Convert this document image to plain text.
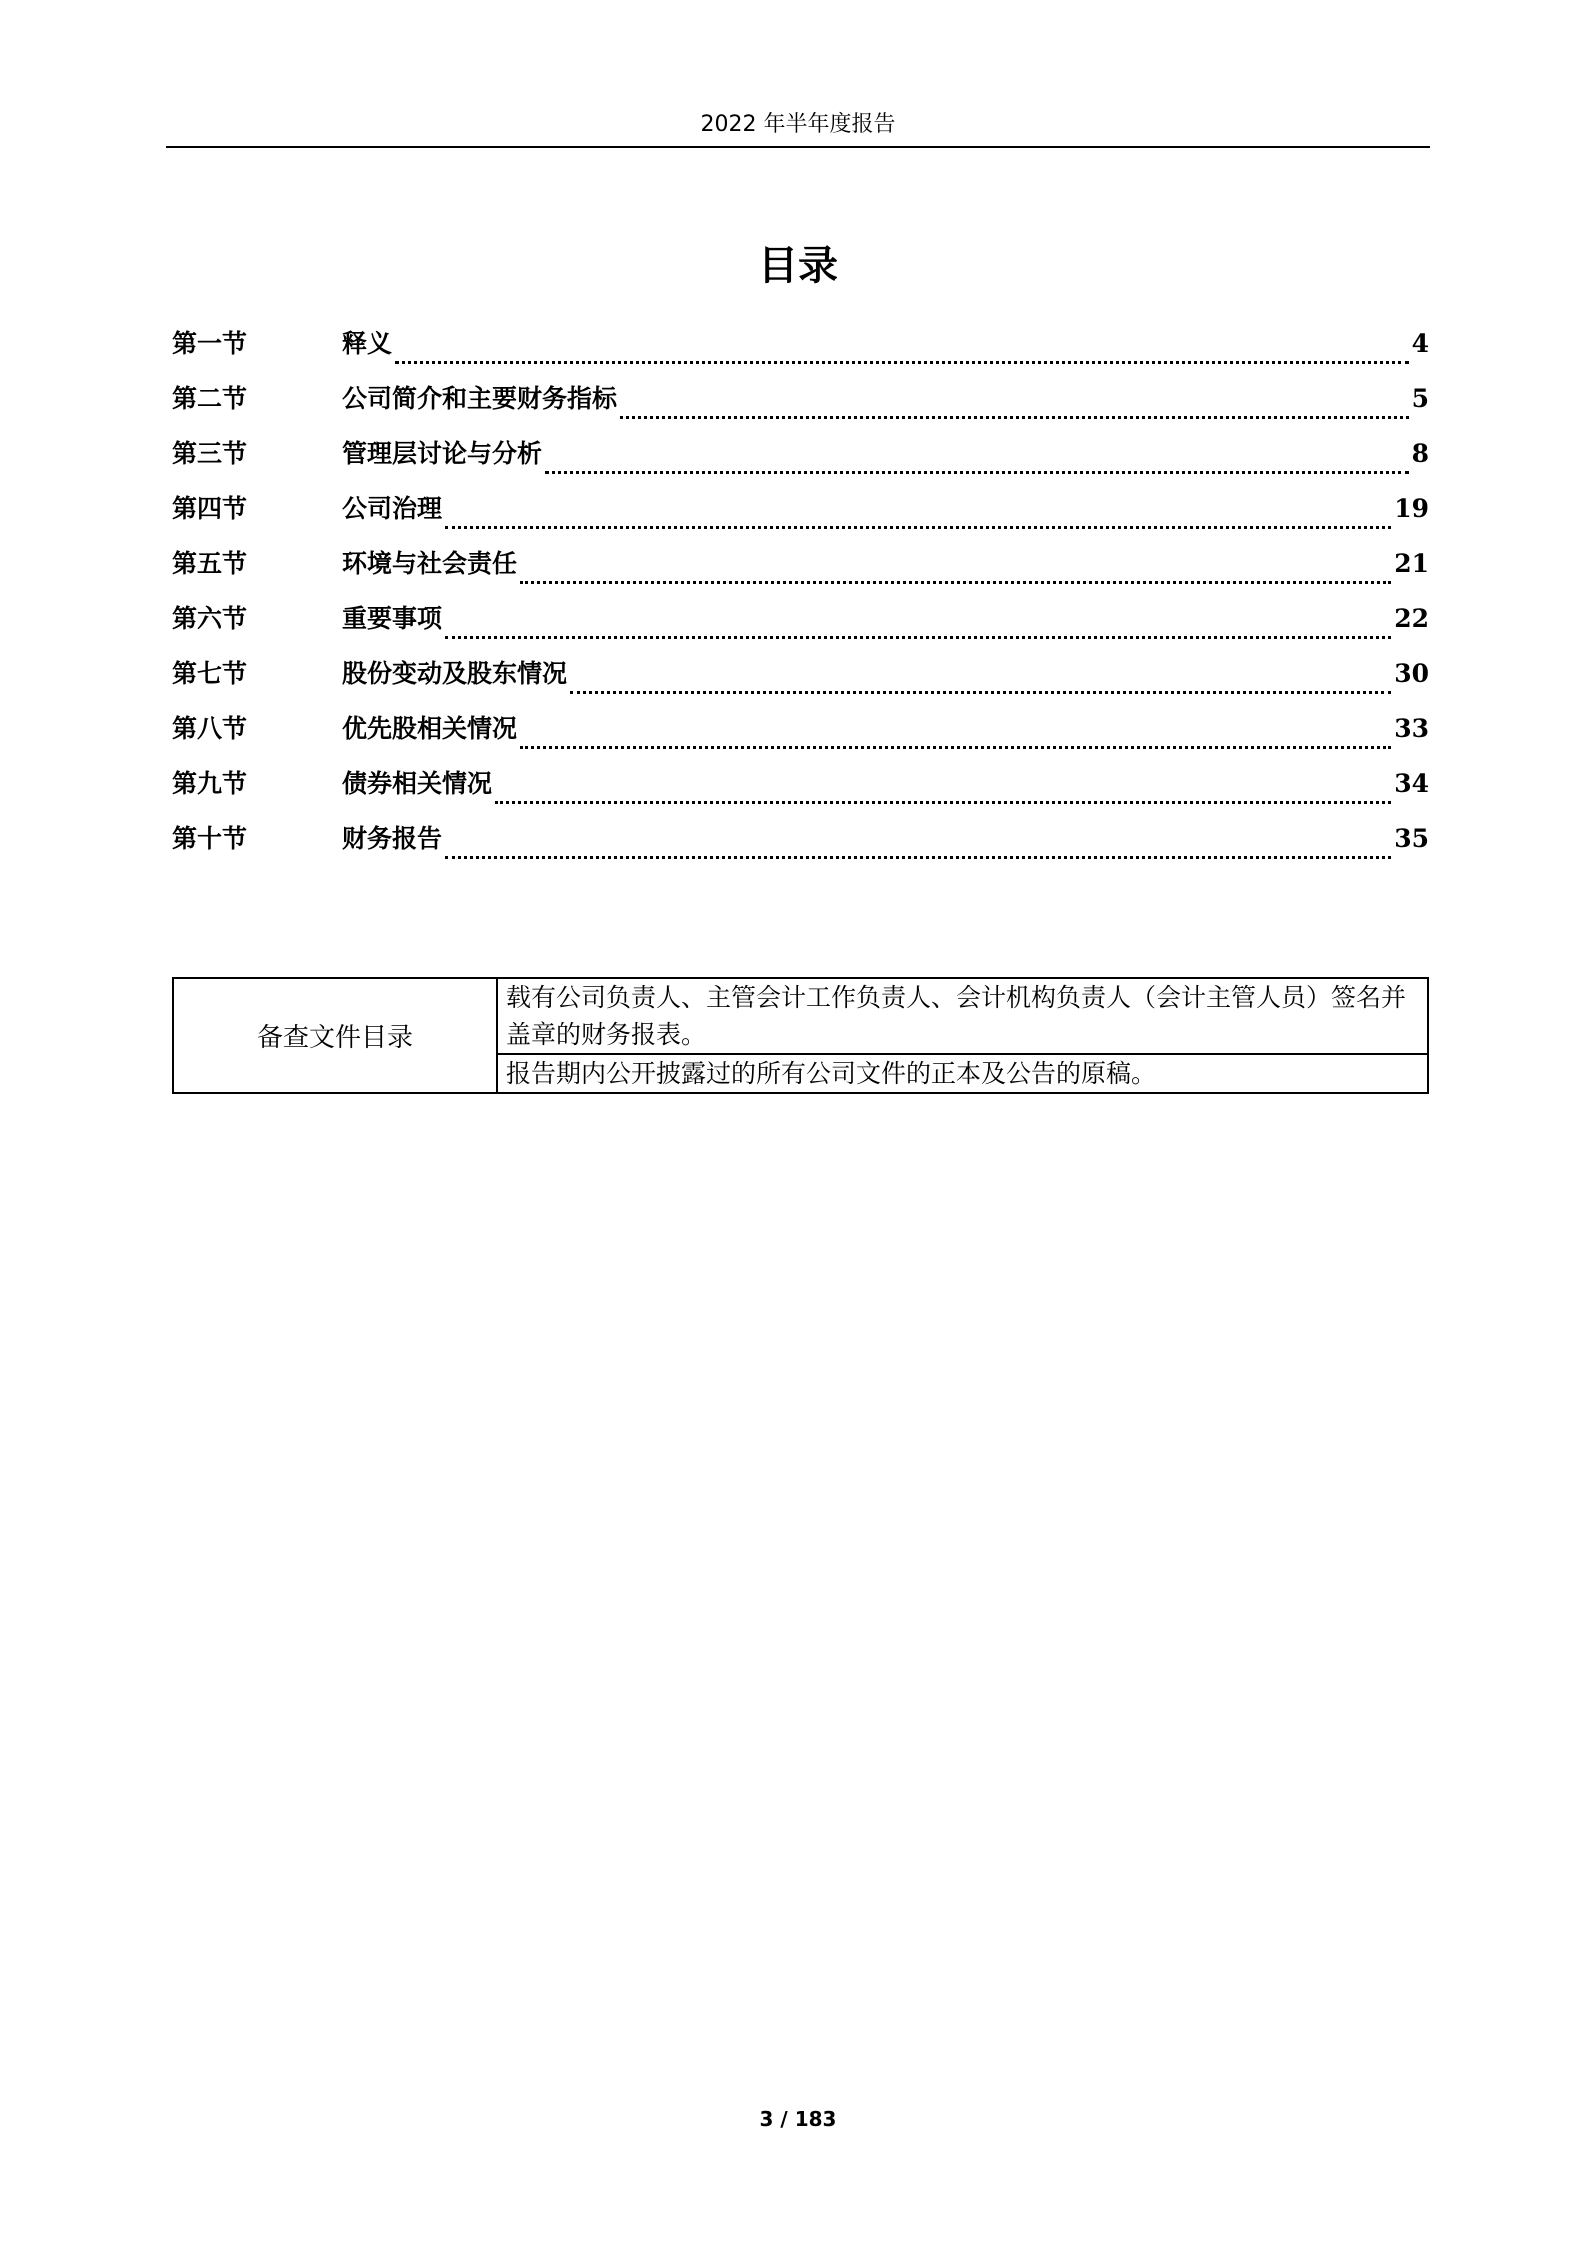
2022 年半年度报告
目录
第一节	释义	4
第二节	公司简介和主要财务指标	5
第三节	管理层讨论与分析	8
第四节	公司治理	19
第五节	环境与社会责任	21
第六节	重要事项	22
第七节	股份变动及股东情况	30
第八节	优先股相关情况	33
第九节	债券相关情况	34
第十节	财务报告	35
备查文件目录	载有公司负责人、主管会计工作负责人、会计机构负责人（会计主管人员）签名并盖章的财务报表。
报告期内公开披露过的所有公司文件的正本及公告的原稿。
3 / 183
